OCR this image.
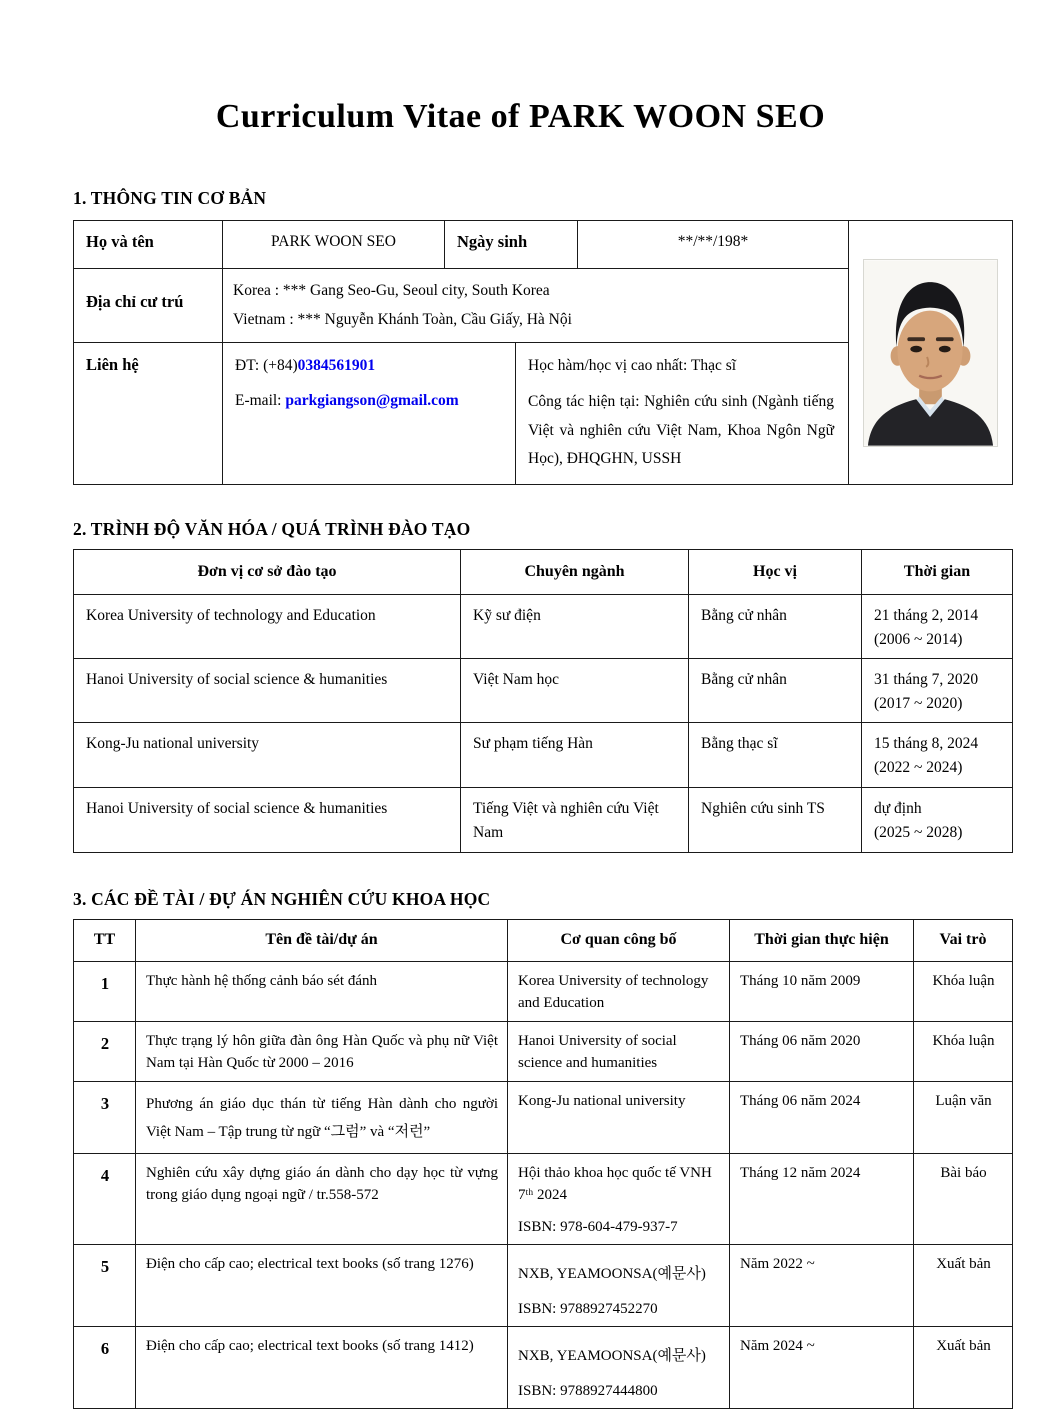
Curriculum Vitae of PARK WOON SEO
1. THÔNG TIN CƠ BẢN
Họ và tên	PARK WOON SEO	Ngày sinh		**/**/198*	
Địa chỉ cư trú	Korea : *** Gang Seo-Gu, Seoul city, South Korea
Vietnam : *** Nguyễn Khánh Toàn, Cầu Giấy, Hà Nội				

Liên hệ	ĐT: (+84)0384561901
E-mail: parkgiangson@gmail.com

Học hàm/học vị cao nhất: Thạc sĩ
Công tác hiện tại: Nghiên cứu sinh (Ngành tiếng Việt và nghiên cứu Việt Nam, Khoa Ngôn Ngữ Học), ĐHQGHN, USSH
2. TRÌNH ĐỘ VĂN HÓA / QUÁ TRÌNH ĐÀO TẠO
Đơn vị cơ sở đào tạo	Chuyên ngành	Học vị	Thời gian
Korea University of technology and Education	Kỹ sư điện	Bằng cử nhân	21 tháng 2, 2014
(2006 ~ 2014)

Hanoi University of social science & humanities	Việt Nam học	Bằng cử nhân	31 tháng 7, 2020
(2017 ~ 2020)

Kong-Ju national university	Sư phạm tiếng Hàn	Bằng thạc sĩ	15 tháng 8, 2024
(2022 ~ 2024)

Hanoi University of social science & humanities	Tiếng Việt và nghiên cứu Việt Nam	Nghiên cứu sinh TS	dự định
(2025 ~ 2028)
3. CÁC ĐỀ TÀI / ĐỰ ÁN NGHIÊN CỨU KHOA HỌC
TT	Tên đề tài/dự án	Cơ quan công bố	Thời gian thực hiện	Vai trò
1	Thực hành hệ thống cảnh báo sét đánh	Korea University of technology and Education	Tháng 10 năm 2009	Khóa luận
2	Thực trạng lý hôn giữa đàn ông Hàn Quốc và phụ nữ Việt Nam tại Hàn Quốc từ 2000 – 2016	Hanoi University of social science and humanities	Tháng 06 năm 2020	Khóa luận
3	Phương án giáo dục thán từ tiếng Hàn dành cho người Việt Nam – Tập trung từ ngữ “그럼” và “저런”	Kong-Ju national university	Tháng 06 năm 2024	Luận văn
4	Nghiên cứu xây dựng giáo án dành cho dạy học từ vựng trong giáo dụng ngoại ngữ / tr.558-572	Hội thảo khoa học quốc tế VNH 7ᵗʰ 2024
ISBN: 978-604-479-937-7	Tháng 12 năm 2024	Bài báo
5	Điện cho cấp cao; electrical text books (số trang 1276)	NXB, YEAMOONSA(예문사)
ISBN: 9788927452270	Năm 2022 ~	Xuất bản
6	Điện cho cấp cao; electrical text books (số trang 1412)	NXB, YEAMOONSA(예문사)
ISBN: 9788927444800	Năm 2024 ~	Xuất bản
